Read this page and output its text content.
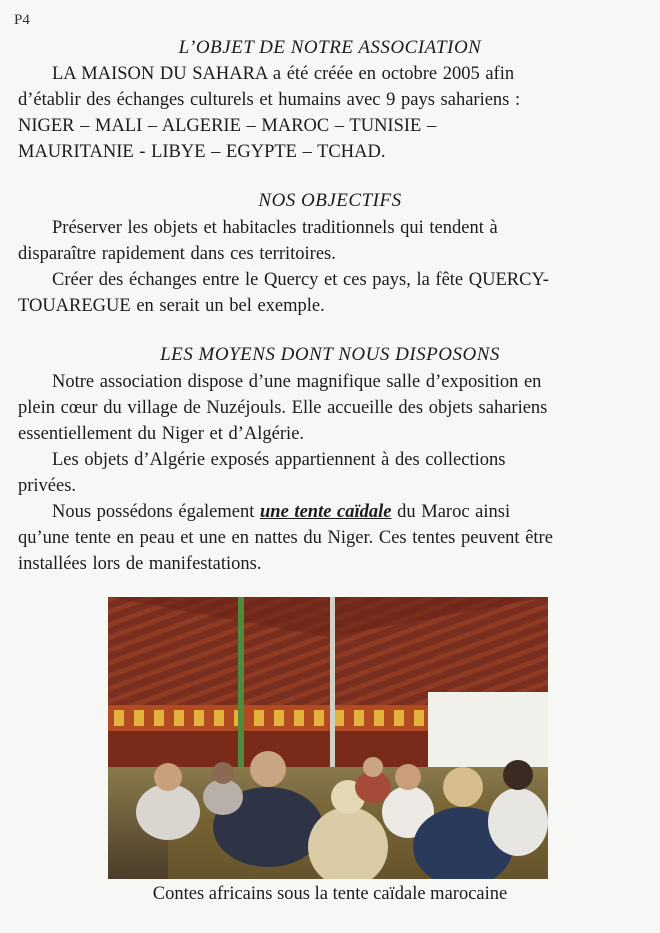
P4
L’OBJET DE NOTRE ASSOCIATION
LA MAISON DU SAHARA a été créée en octobre 2005 afin
d’établir des échanges culturels et humains avec 9 pays sahariens :
NIGER – MALI – ALGERIE – MAROC – TUNISIE –
MAURITANIE - LIBYE – EGYPTE – TCHAD.
NOS OBJECTIFS
Préserver les objets et habitacles traditionnels qui tendent à
disparaître rapidement dans ces territoires.
Créer des échanges entre le Quercy et ces pays, la fête QUERCY-
TOUAREGUE en serait un bel exemple.
LES MOYENS DONT NOUS DISPOSONS
Notre association dispose d’une magnifique salle d’exposition en
plein cœur du village de Nuzéjouls. Elle accueille des objets sahariens
essentiellement du Niger et d’Algérie.
Les objets d’Algérie exposés appartiennent à des collections
privées.
Nous possédons également une tente caïdale du Maroc ainsi
qu’une tente en peau et une en nattes du Niger. Ces tentes peuvent être
installées lors de manifestations.
Contes africains sous la tente caïdale marocaine
